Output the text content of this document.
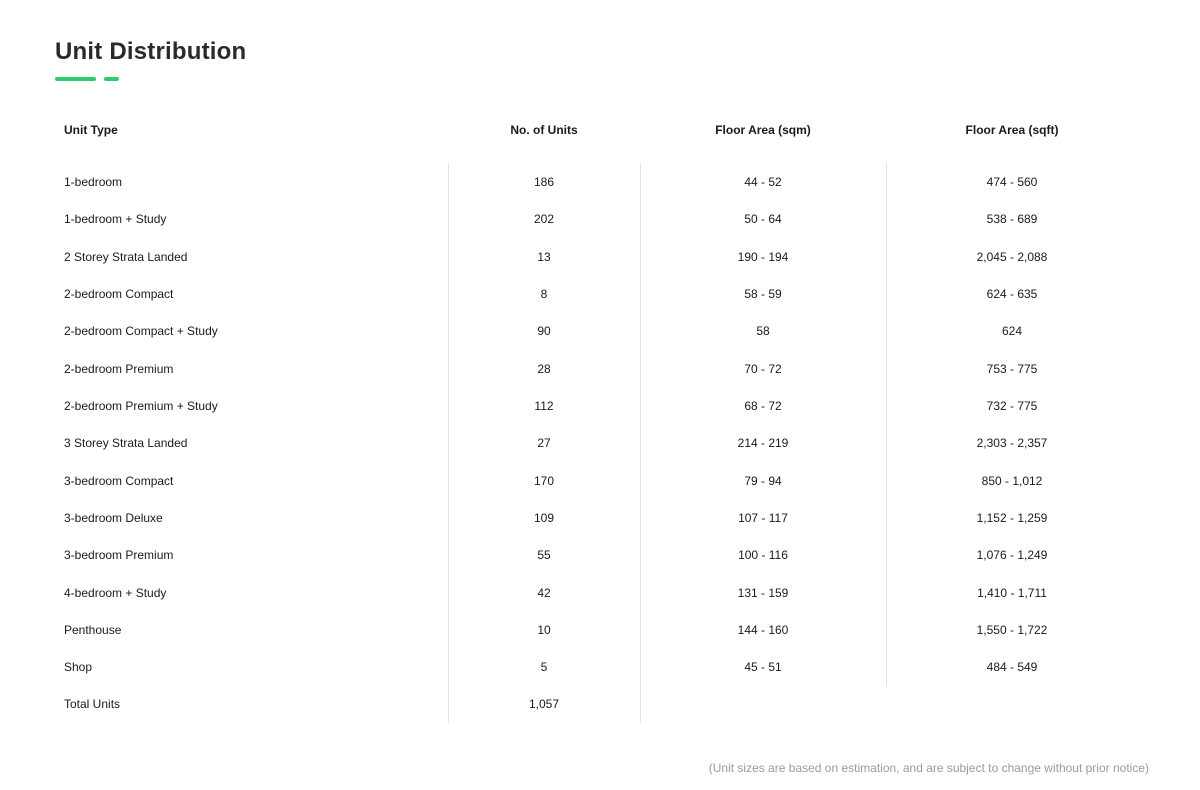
Unit Distribution
Unit Type	No. of Units	Floor Area (sqm)	Floor Area (sqft)
1-bedroom	186	44 - 52	474 - 560
1-bedroom + Study	202	50 - 64	538 - 689
2 Storey Strata Landed	13	190 - 194	2,045 - 2,088
2-bedroom Compact	8	58 - 59	624 - 635
2-bedroom Compact + Study	90	58	624
2-bedroom Premium	28	70 - 72	753 - 775
2-bedroom Premium + Study	112	68 - 72	732 - 775
3 Storey Strata Landed	27	214 - 219	2,303 - 2,357
3-bedroom Compact	170	79 - 94	850 - 1,012
3-bedroom Deluxe	109	107 - 117	1,152 - 1,259
3-bedroom Premium	55	100 - 116	1,076 - 1,249
4-bedroom + Study	42	131 - 159	1,410 - 1,711
Penthouse	10	144 - 160	1,550 - 1,722
Shop	5	45 - 51	484 - 549
Total Units	1,057
(Unit sizes are based on estimation, and are subject to change without prior notice)
